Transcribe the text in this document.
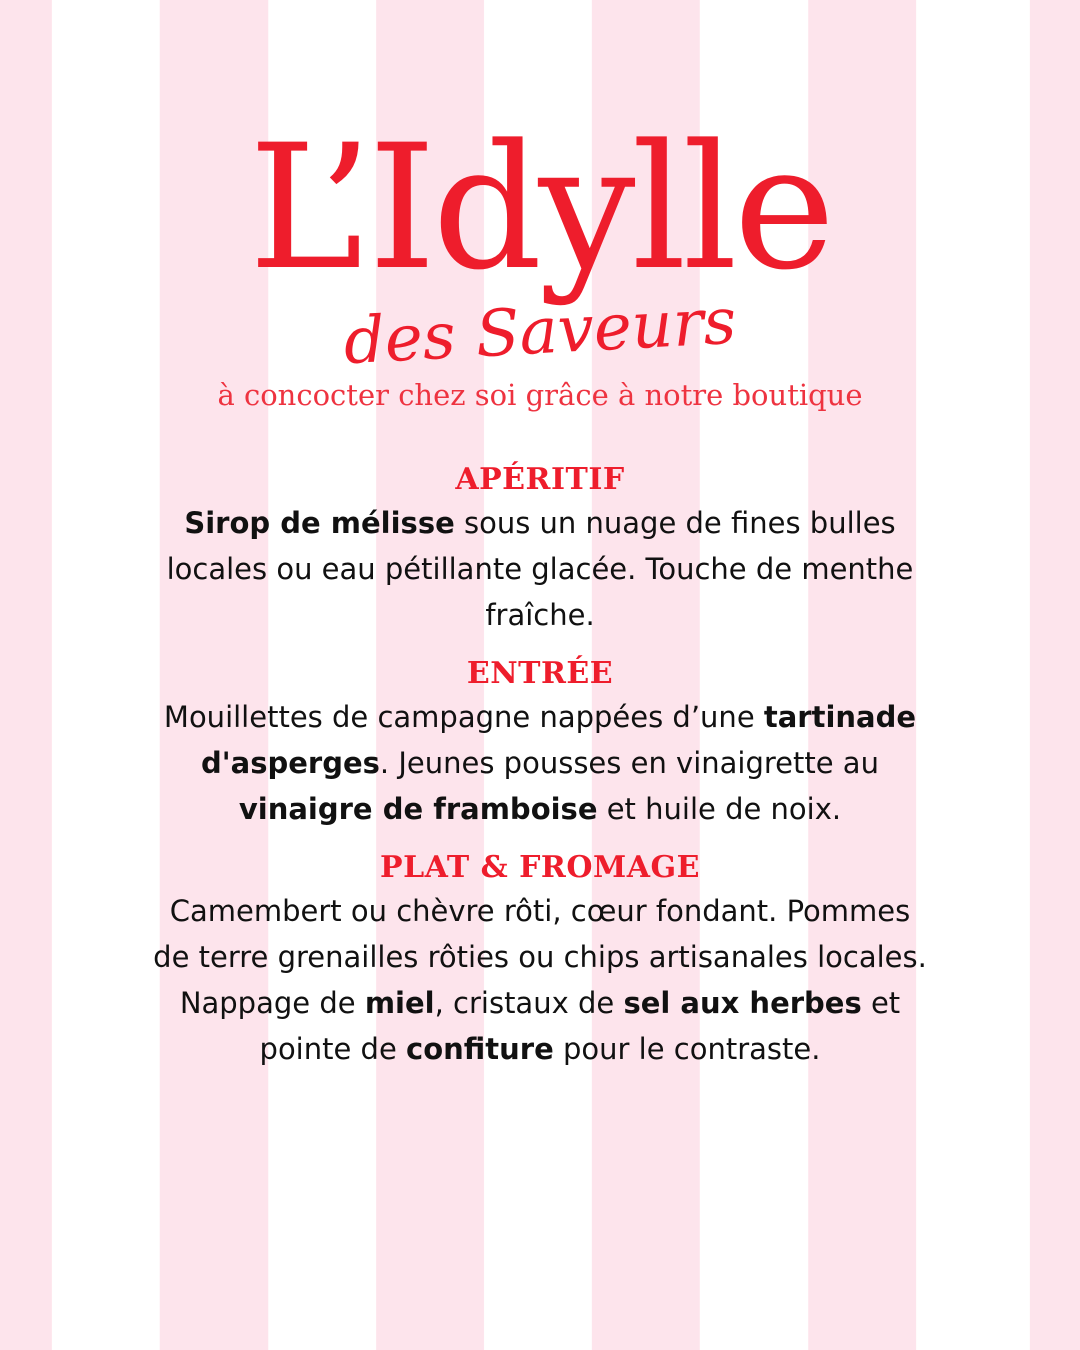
L’Idylle
des Saveurs
à concocter chez soi grâce à notre boutique
APÉRITIF

Sirop de mélisse sous un nuage de fines bulles locales ou eau pétillante glacée. Touche de menthe fraîche.

ENTRÉE

Mouillettes de campagne nappées d’une tartinade d'asperges. Jeunes pousses en vinaigrette au vinaigre de framboise et huile de noix.

PLAT & FROMAGE

Camembert ou chèvre rôti, cœur fondant. Pommes de terre grenailles rôties ou chips artisanales locales. Nappage de miel, cristaux de sel aux herbes et pointe de confiture pour le contraste.
